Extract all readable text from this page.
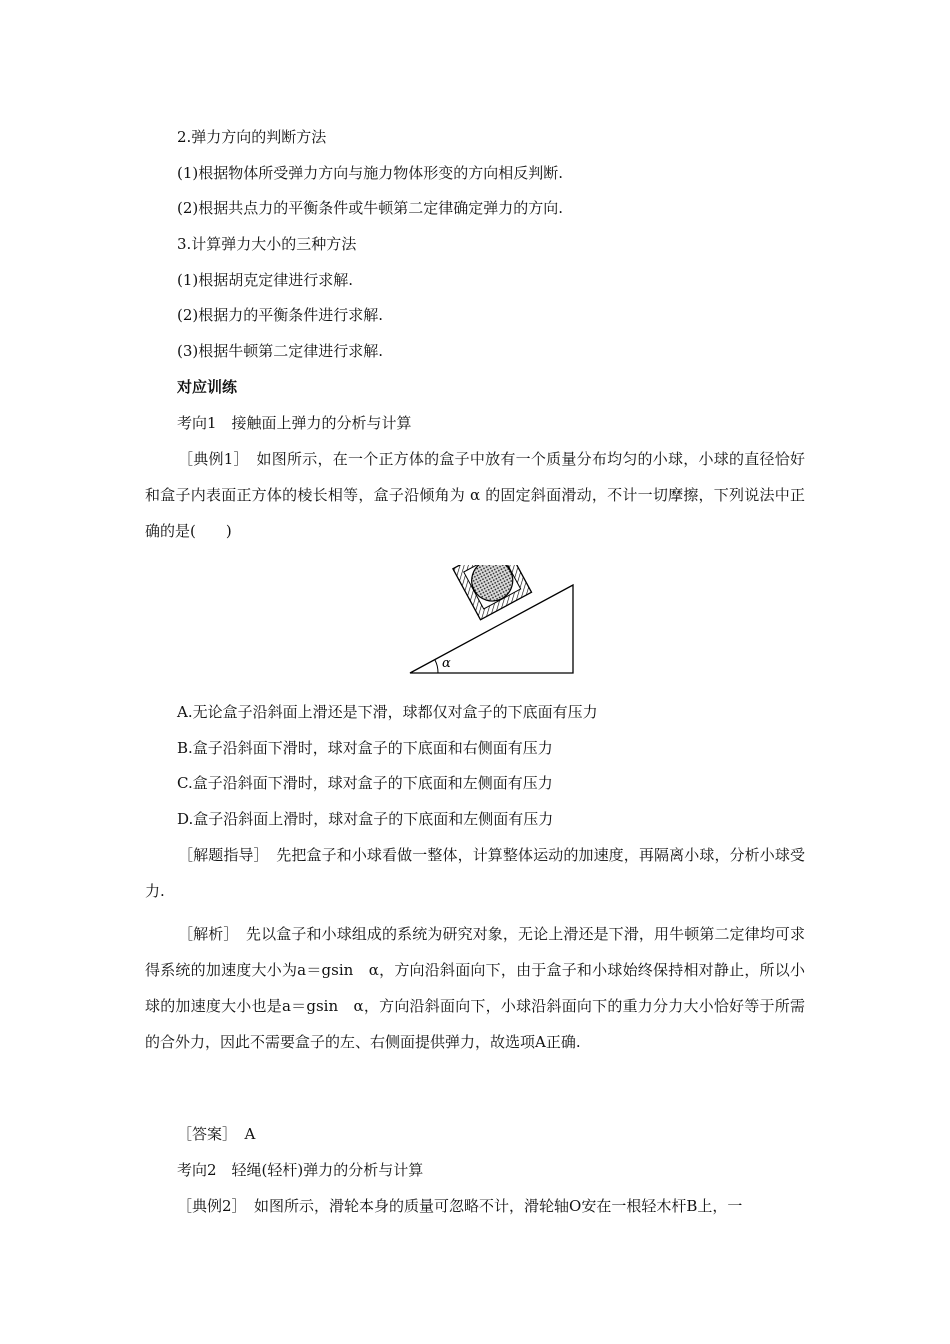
2.弹力方向的判断方法
(1)根据物体所受弹力方向与施力物体形变的方向相反判断.
(2)根据共点力的平衡条件或牛顿第二定律确定弹力的方向.
3.计算弹力大小的三种方法
(1)根据胡克定律进行求解.
(2)根据力的平衡条件进行求解.
(3)根据牛顿第二定律进行求解.
对应训练
考向1　接触面上弹力的分析与计算
［典例1］　如图所示，在一个正方体的盒子中放有一个质量分布均匀的小球，小球的直径恰好和盒子内表面正方体的棱长相等，盒子沿倾角为 α 的固定斜面滑动，不计一切摩擦，下列说法中正确的是(　　)
α
A.无论盒子沿斜面上滑还是下滑，球都仅对盒子的下底面有压力
B.盒子沿斜面下滑时，球对盒子的下底面和右侧面有压力
C.盒子沿斜面下滑时，球对盒子的下底面和左侧面有压力
D.盒子沿斜面上滑时，球对盒子的下底面和左侧面有压力
［解题指导］　先把盒子和小球看做一整体，计算整体运动的加速度，再隔离小球，分析小球受力.
［解析］　先以盒子和小球组成的系统为研究对象，无论上滑还是下滑，用牛顿第二定律均可求得系统的加速度大小为a＝gsin　α，方向沿斜面向下，由于盒子和小球始终保持相对静止，所以小球的加速度大小也是a＝gsin　α，方向沿斜面向下，小球沿斜面向下的重力分力大小恰好等于所需的合外力，因此不需要盒子的左、右侧面提供弹力，故选项A正确.
［答案］　A
考向2　轻绳(轻杆)弹力的分析与计算
［典例2］　如图所示，滑轮本身的质量可忽略不计，滑轮轴O安在一根轻木杆B上，一
